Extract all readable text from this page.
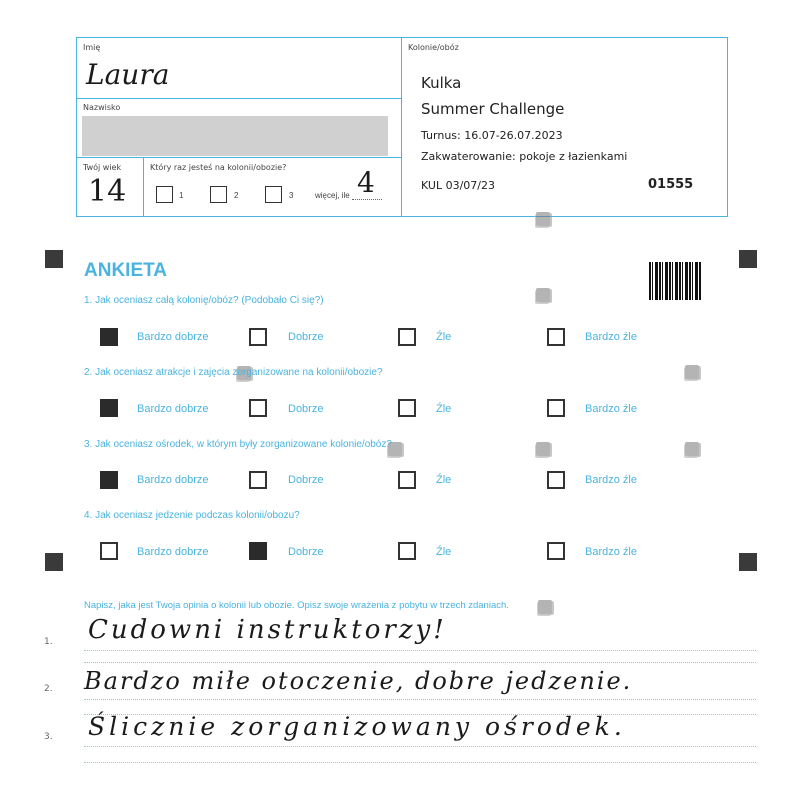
Imię
Laura
Nazwisko
Twój wiek
14
Który raz jesteś na kolonii/obozie?
1	2	3	więcej, ile 4
Kolonie/obóz
Kulka
Summer Challenge
Turnus: 16.07-26.07.2023
Zakwaterowanie: pokoje z łazienkami
KUL 03/07/23	01555
ANKIETA
1. Jak oceniasz całą kolonię/obóz? (Podobało Ci się?)
Bardzo dobrze	Dobrze	Źle	Bardzo źle
2. Jak oceniasz atrakcje i zajęcia zorganizowane na kolonii/obozie?
Bardzo dobrze	Dobrze	Źle	Bardzo źle
3. Jak oceniasz ośrodek, w którym były zorganizowane kolonie/obóz?
Bardzo dobrze	Dobrze	Źle	Bardzo źle
4. Jak oceniasz jedzenie podczas kolonii/obozu?
Bardzo dobrze	Dobrze	Źle	Bardzo źle
Napisz, jaka jest Twoja opinia o kolonii lub obozie. Opisz swoje wrażenia z pobytu w trzech zdaniach.
1. Cudowni instruktorzy!
2. Bardzo miłe otoczenie, dobre jedzenie.
3. Ślicznie zorganizowany ośrodek.
